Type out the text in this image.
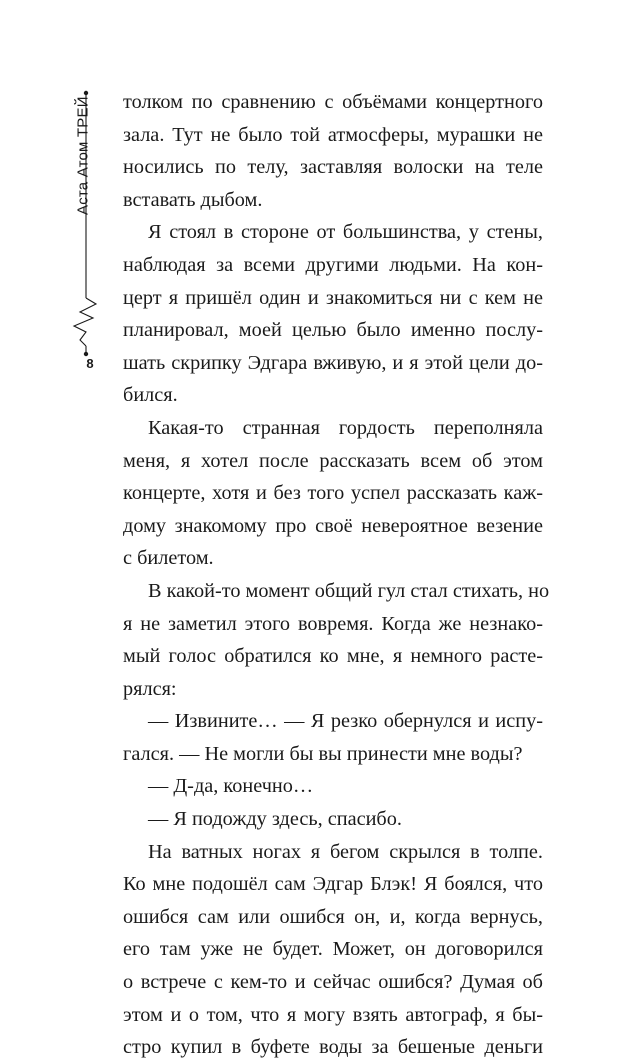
Аста Атом ТРЕЙ
8
толком по сравнению с объёмами концертного
зала. Тут не было той атмосферы, мурашки не
носились по телу, заставляя волоски на теле
вставать дыбом.
Я стоял в стороне от большинства, у стены,
наблюдая за всеми другими людьми. На кон-
церт я пришёл один и знакомиться ни с кем не
планировал, моей целью было именно послу-
шать скрипку Эдгара вживую, и я этой цели до-
бился.
Какая-то странная гордость переполняла
меня, я хотел после рассказать всем об этом
концерте, хотя и без того успел рассказать каж-
дому знакомому про своё невероятное везение
с билетом.
В какой-то момент общий гул стал стихать, но
я не заметил этого вовремя. Когда же незнако-
мый голос обратился ко мне, я немного расте-
рялся:
— Извините… — Я резко обернулся и испу-
гался. — Не могли бы вы принести мне воды?
— Д-да, конечно…
— Я подожду здесь, спасибо.
На ватных ногах я бегом скрылся в толпе.
Ко мне подошёл сам Эдгар Блэк! Я боялся, что
ошибся сам или ошибся он, и, когда вернусь,
его там уже не будет. Может, он договорился
о встрече с кем-то и сейчас ошибся? Думая об
этом и о том, что я могу взять автограф, я бы-
стро купил в буфете воды за бешеные деньги
